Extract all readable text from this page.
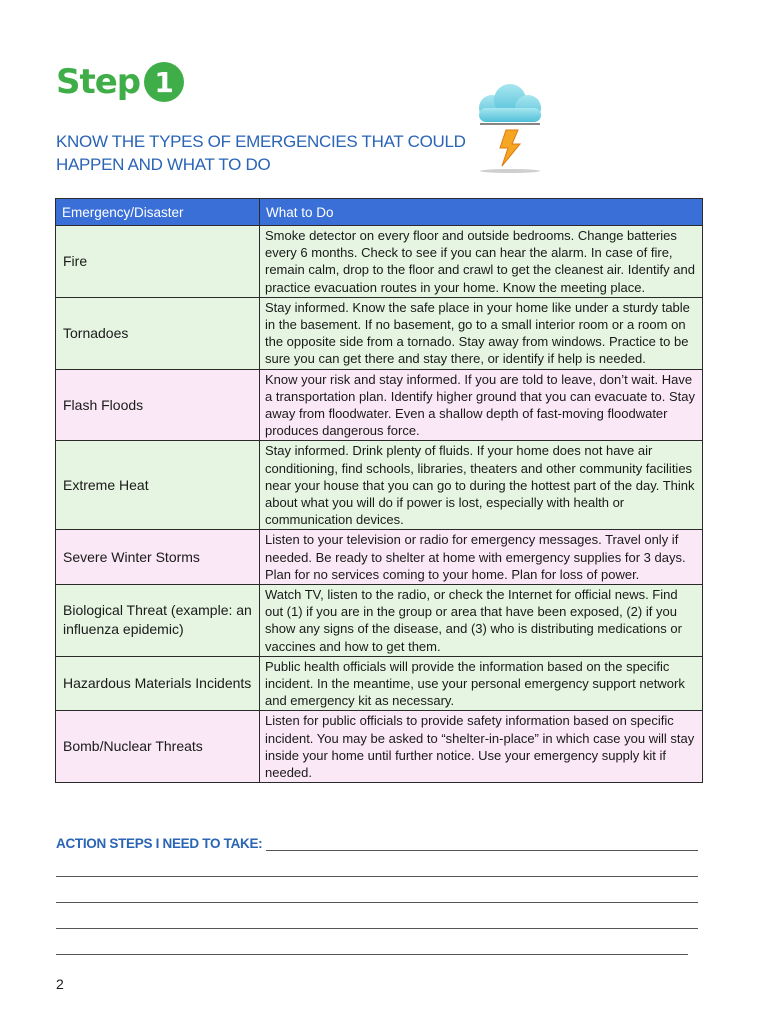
Step 1
KNOW THE TYPES OF EMERGENCIES THAT COULD HAPPEN AND WHAT TO DO
Emergency/Disaster	What to Do
Fire	Smoke detector on every floor and outside bedrooms. Change batteries every 6 months. Check to see if you can hear the alarm. In case of fire, remain calm, drop to the floor and crawl to get the cleanest air. Identify and practice evacuation routes in your home. Know the meeting place.
Tornadoes	Stay informed. Know the safe place in your home like under a sturdy table in the basement. If no basement, go to a small interior room or a room on the opposite side from a tornado. Stay away from windows. Practice to be sure you can get there and stay there, or identify if help is needed.
Flash Floods	Know your risk and stay informed. If you are told to leave, don’t wait. Have a transportation plan. Identify higher ground that you can evacuate to. Stay away from floodwater. Even a shallow depth of fast-moving floodwater produces dangerous force.
Extreme Heat	Stay informed. Drink plenty of fluids. If your home does not have air conditioning, find schools, libraries, theaters and other community facilities near your house that you can go to during the hottest part of the day. Think about what you will do if power is lost, especially with health or communication devices.
Severe Winter Storms	Listen to your television or radio for emergency messages. Travel only if needed. Be ready to shelter at home with emergency supplies for 3 days. Plan for no services coming to your home. Plan for loss of power.
Biological Threat (example: an influenza epidemic)	Watch TV, listen to the radio, or check the Internet for official news. Find out (1) if you are in the group or area that have been exposed, (2) if you show any signs of the disease, and (3) who is distributing medications or vaccines and how to get them.
Hazardous Materials Incidents	Public health officials will provide the information based on the specific incident. In the meantime, use your personal emergency support network and emergency kit as necessary.
Bomb/Nuclear Threats	Listen for public officials to provide safety information based on specific incident. You may be asked to “shelter-in-place” in which case you will stay inside your home until further notice. Use your emergency supply kit if needed.
ACTION STEPS I NEED TO TAKE:
2
